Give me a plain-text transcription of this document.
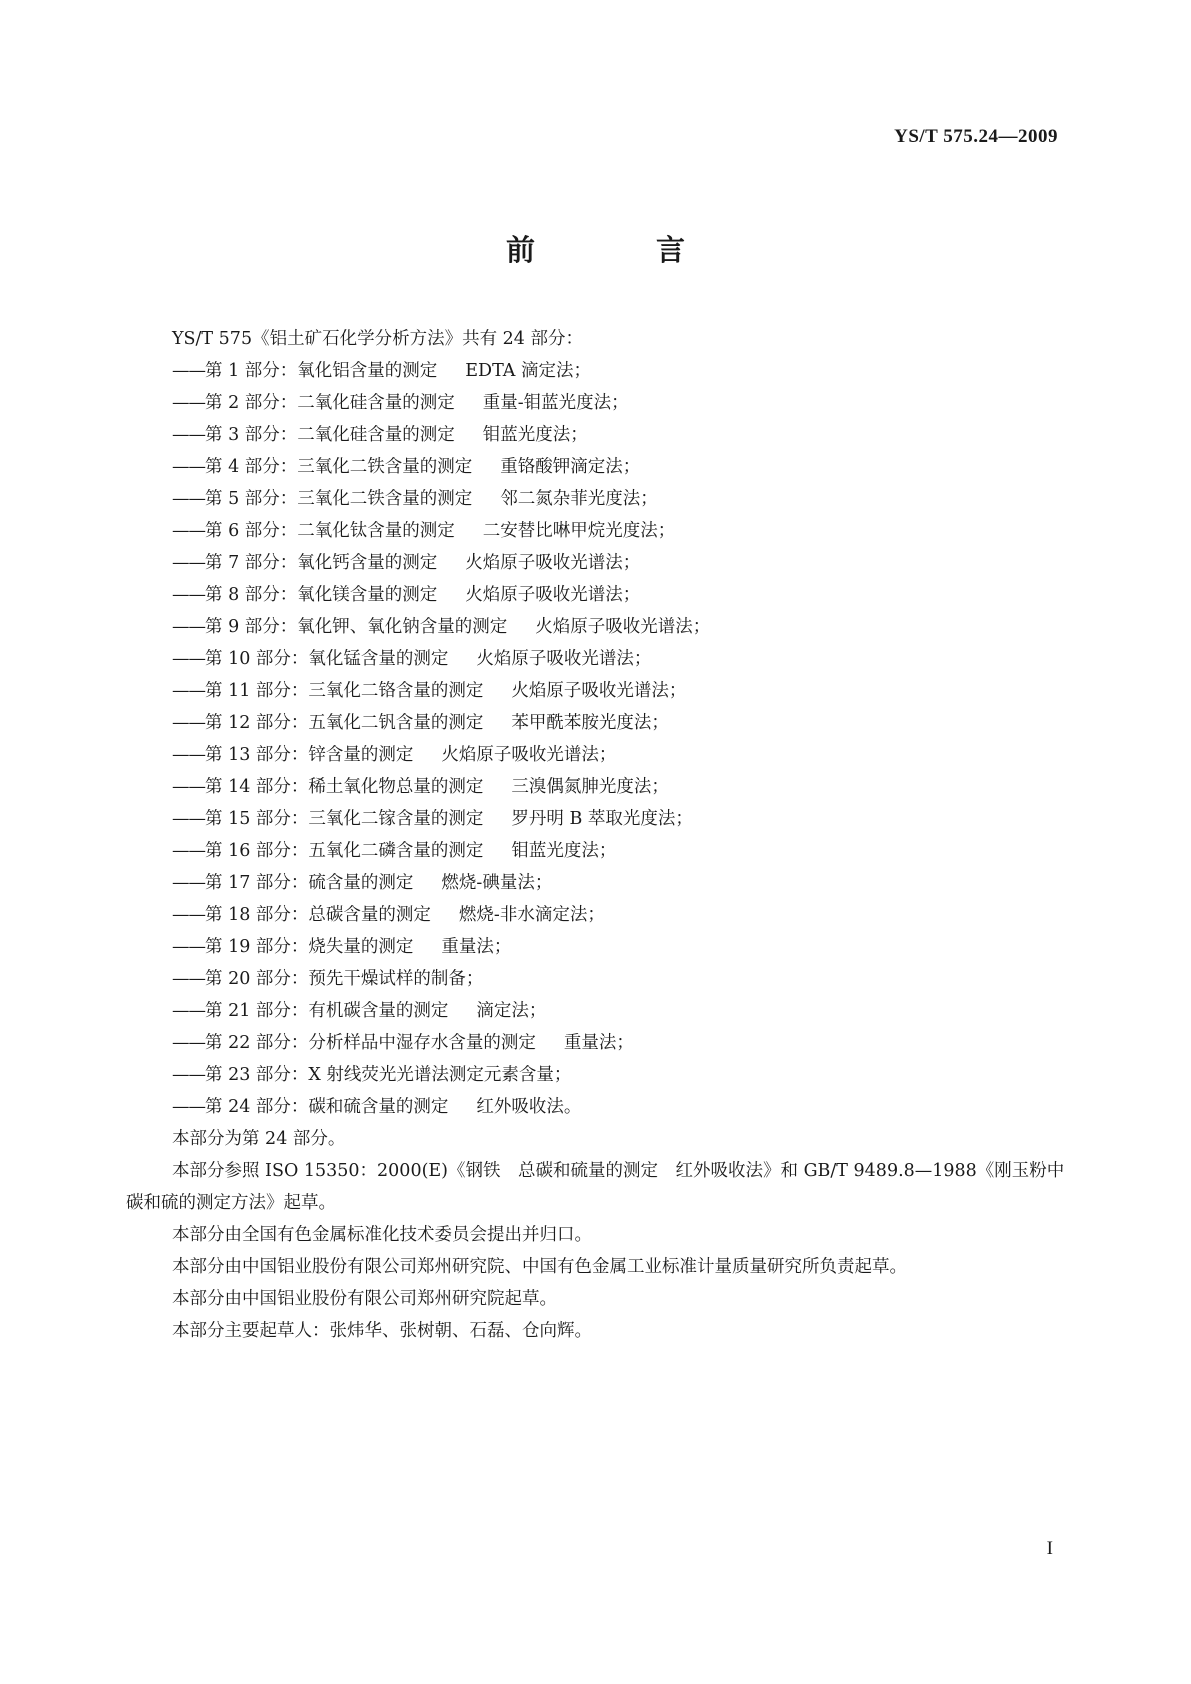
YS/T 575.24—2009
前　言

YS/T 575《铝土矿石化学分析方法》共有 24 部分：

——第 1 部分：氧化铝含量的测定 EDTA 滴定法；
——第 2 部分：二氧化硅含量的测定 重量-钼蓝光度法；
——第 3 部分：二氧化硅含量的测定 钼蓝光度法；
——第 4 部分：三氧化二铁含量的测定 重铬酸钾滴定法；
——第 5 部分：三氧化二铁含量的测定 邻二氮杂菲光度法；
——第 6 部分：二氧化钛含量的测定 二安替比啉甲烷光度法；
——第 7 部分：氧化钙含量的测定 火焰原子吸收光谱法；
——第 8 部分：氧化镁含量的测定 火焰原子吸收光谱法；
——第 9 部分：氧化钾、氧化钠含量的测定 火焰原子吸收光谱法；
——第 10 部分：氧化锰含量的测定 火焰原子吸收光谱法；
——第 11 部分：三氧化二铬含量的测定 火焰原子吸收光谱法；
——第 12 部分：五氧化二钒含量的测定 苯甲酰苯胺光度法；
——第 13 部分：锌含量的测定 火焰原子吸收光谱法；
——第 14 部分：稀土氧化物总量的测定 三溴偶氮胂光度法；
——第 15 部分：三氧化二镓含量的测定 罗丹明 B 萃取光度法；
——第 16 部分：五氧化二磷含量的测定 钼蓝光度法；
——第 17 部分：硫含量的测定 燃烧-碘量法；
——第 18 部分：总碳含量的测定 燃烧-非水滴定法；
——第 19 部分：烧失量的测定 重量法；
——第 20 部分：预先干燥试样的制备；
——第 21 部分：有机碳含量的测定 滴定法；
——第 22 部分：分析样品中湿存水含量的测定 重量法；
——第 23 部分：X 射线荧光光谱法测定元素含量；
——第 24 部分：碳和硫含量的测定 红外吸收法。

本部分为第 24 部分。

本部分参照 ISO 15350：2000(E)《钢铁　总碳和硫量的测定　红外吸收法》和 GB/T 9489.8—1988《刚玉粉中碳和硫的测定方法》起草。

本部分由全国有色金属标准化技术委员会提出并归口。

本部分由中国铝业股份有限公司郑州研究院、中国有色金属工业标准计量质量研究所负责起草。

本部分由中国铝业股份有限公司郑州研究院起草。

本部分主要起草人：张炜华、张树朝、石磊、仓向辉。

I
